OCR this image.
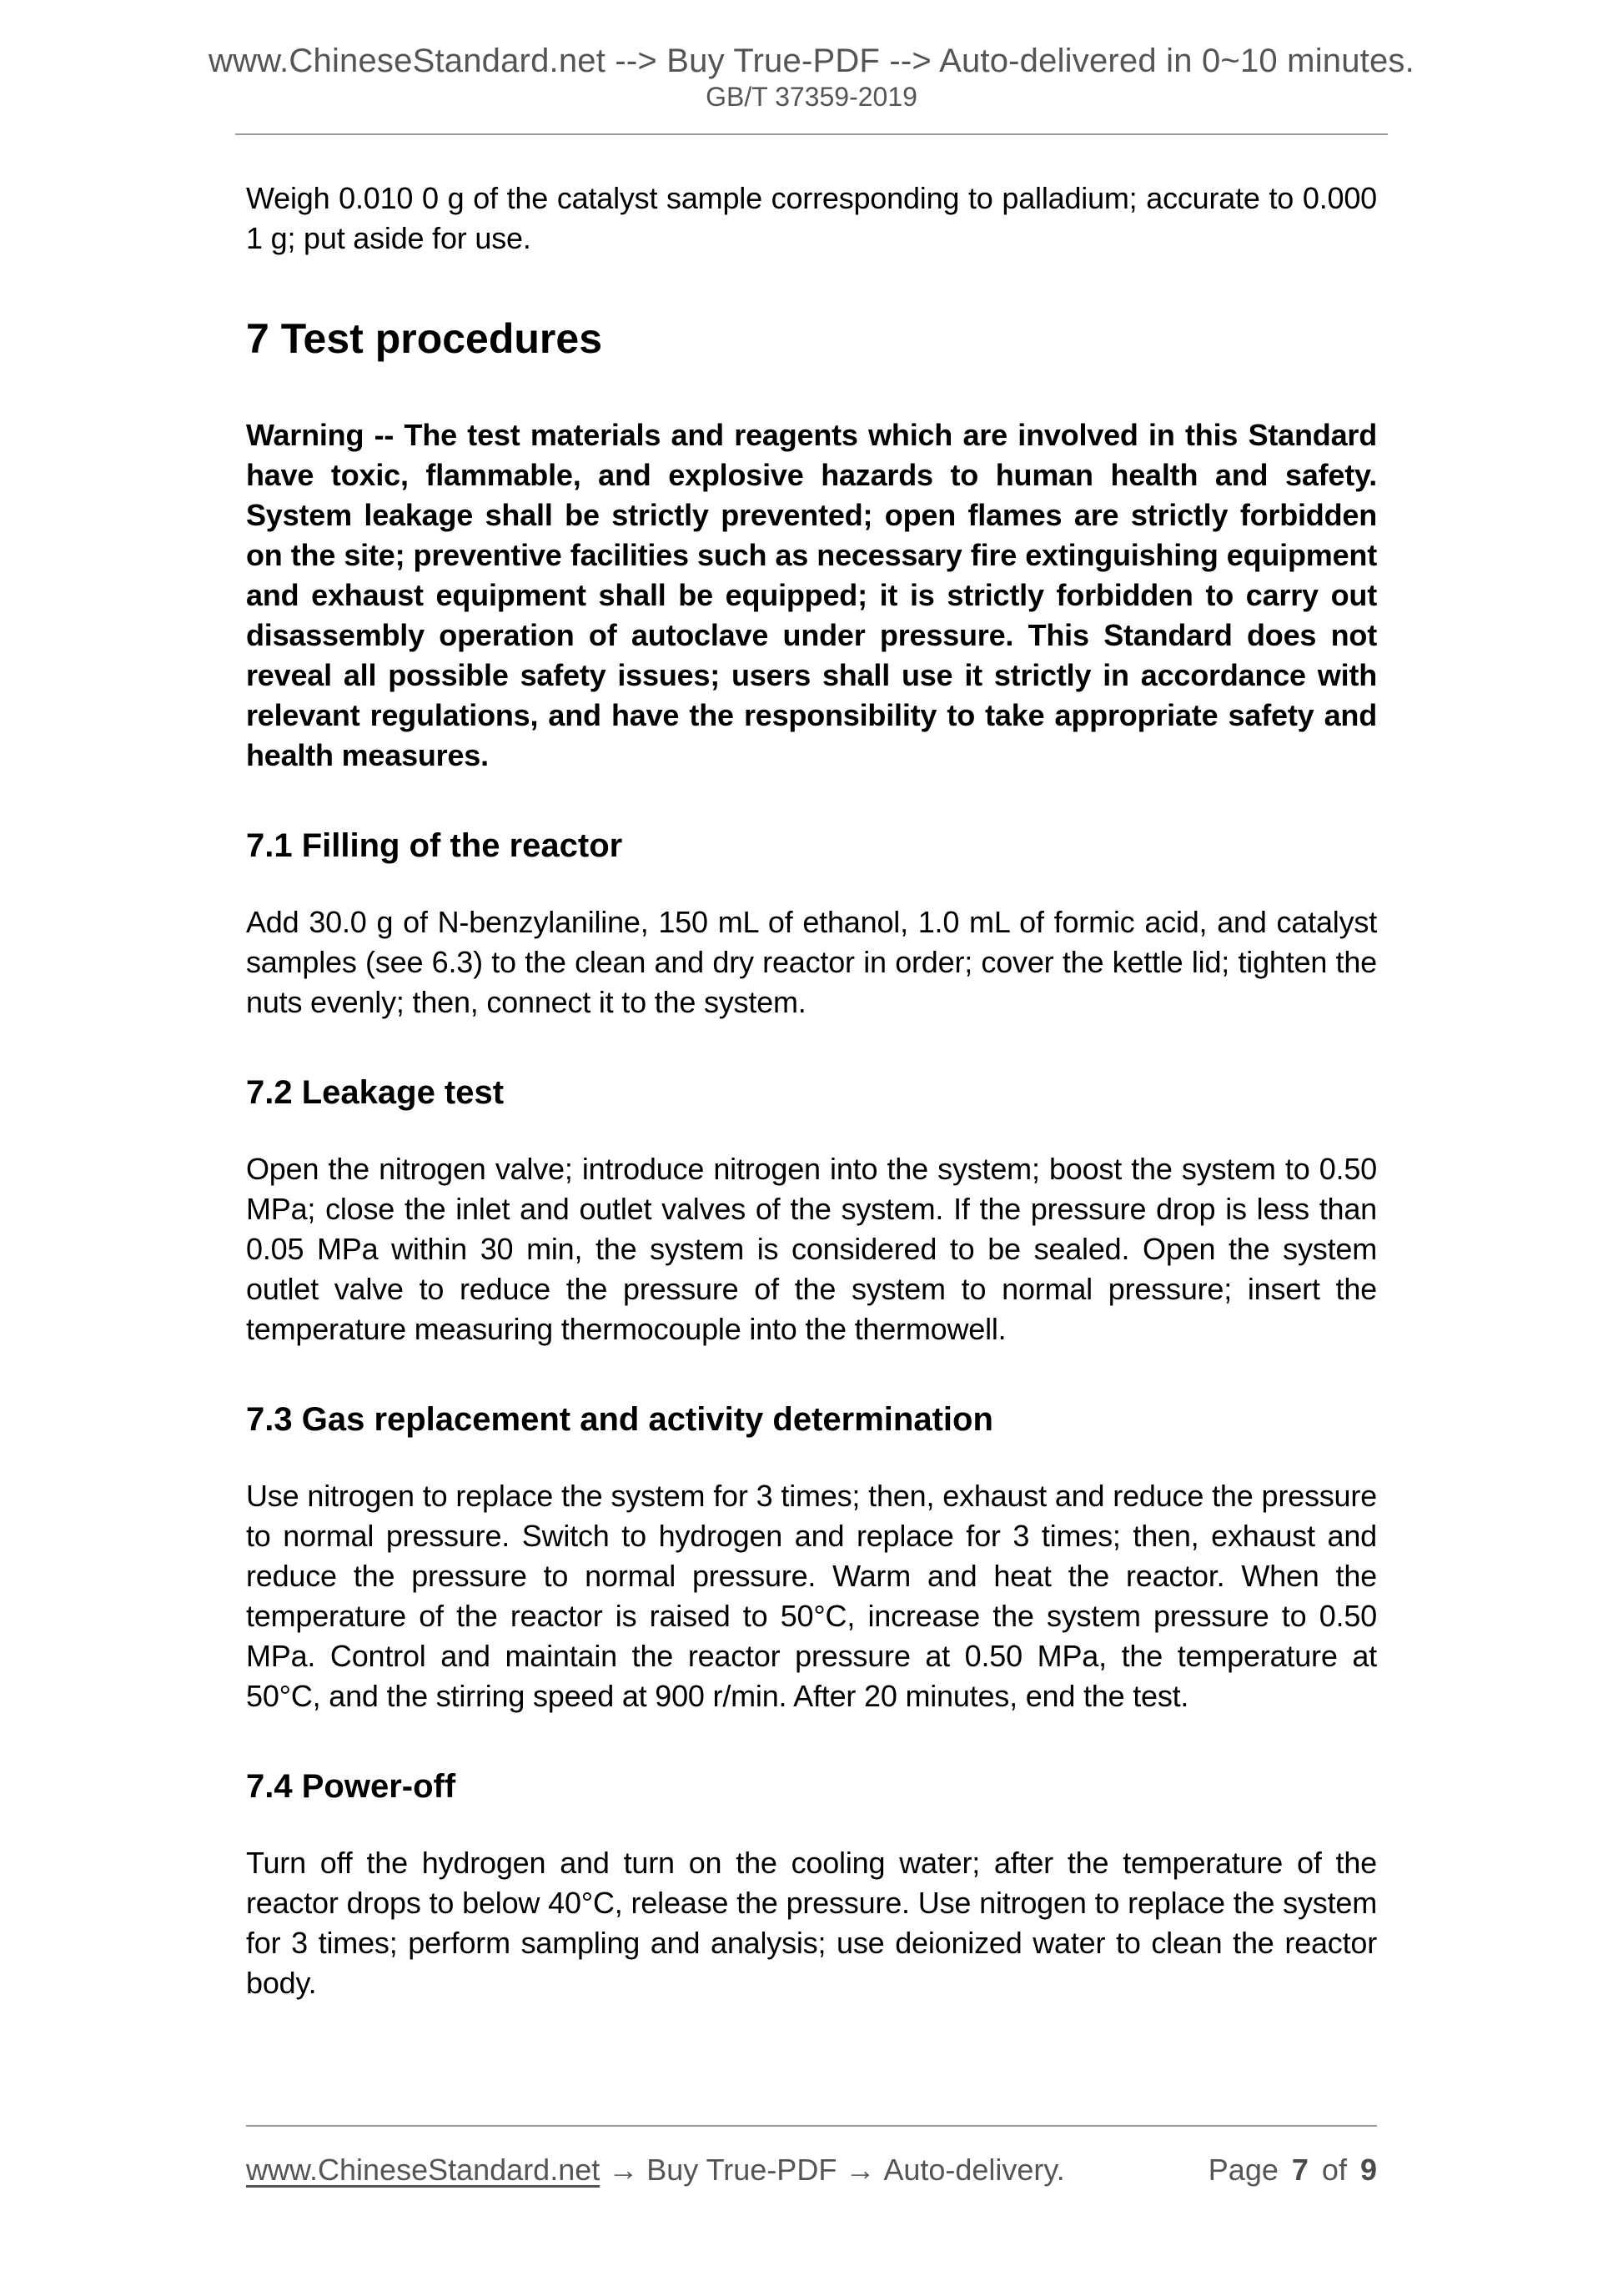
www.ChineseStandard.net --> Buy True-PDF --> Auto-delivered in 0~10 minutes.
GB/T 37359-2019

Weigh 0.010 0 g of the catalyst sample corresponding to palladium; accurate to 0.000 1 g; put aside for use.

7 Test procedures

Warning -- The test materials and reagents which are involved in this Standard have toxic, flammable, and explosive hazards to human health and safety. System leakage shall be strictly prevented; open flames are strictly forbidden on the site; preventive facilities such as necessary fire extinguishing equipment and exhaust equipment shall be equipped; it is strictly forbidden to carry out disassembly operation of autoclave under pressure. This Standard does not reveal all possible safety issues; users shall use it strictly in accordance with relevant regulations, and have the responsibility to take appropriate safety and health measures.

7.1 Filling of the reactor

Add 30.0 g of N-benzylaniline, 150 mL of ethanol, 1.0 mL of formic acid, and catalyst samples (see 6.3) to the clean and dry reactor in order; cover the kettle lid; tighten the nuts evenly; then, connect it to the system.

7.2 Leakage test

Open the nitrogen valve; introduce nitrogen into the system; boost the system to 0.50 MPa; close the inlet and outlet valves of the system. If the pressure drop is less than 0.05 MPa within 30 min, the system is considered to be sealed. Open the system outlet valve to reduce the pressure of the system to normal pressure; insert the temperature measuring thermocouple into the thermowell.

7.3 Gas replacement and activity determination

Use nitrogen to replace the system for 3 times; then, exhaust and reduce the pressure to normal pressure. Switch to hydrogen and replace for 3 times; then, exhaust and reduce the pressure to normal pressure. Warm and heat the reactor. When the temperature of the reactor is raised to 50°C, increase the system pressure to 0.50 MPa. Control and maintain the reactor pressure at 0.50 MPa, the temperature at 50°C, and the stirring speed at 900 r/min. After 20 minutes, end the test.

7.4 Power-off

Turn off the hydrogen and turn on the cooling water; after the temperature of the reactor drops to below 40°C, release the pressure. Use nitrogen to replace the system for 3 times; perform sampling and analysis; use deionized water to clean the reactor body.

www.ChineseStandard.net → Buy True-PDF → Auto-delivery.	Page 7 of 9
